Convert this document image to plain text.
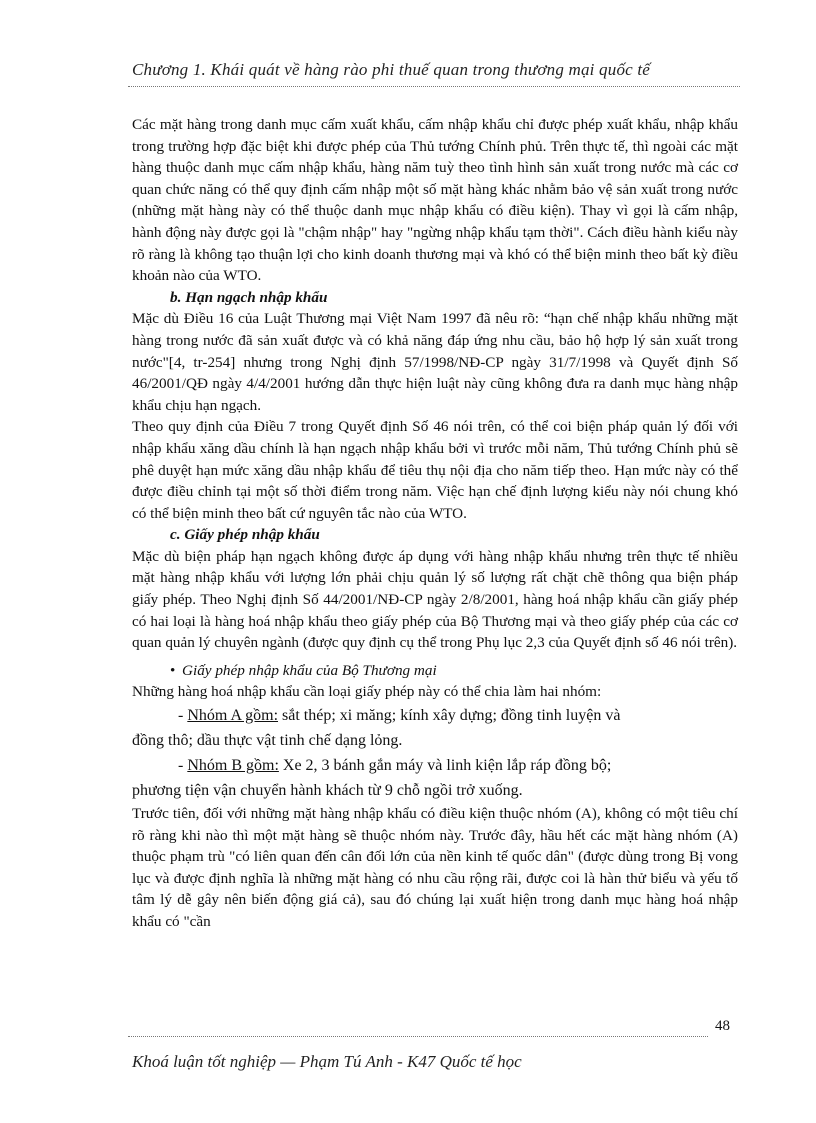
Chương 1. Khái quát về hàng rào phi thuế quan trong thương mại quốc tế

Các mặt hàng trong danh mục cấm xuất khẩu, cấm nhập khẩu chỉ được phép xuất khẩu, nhập khẩu trong trường hợp đặc biệt khi được phép của Thủ tướng Chính phủ. Trên thực tế, thì ngoài các mặt hàng thuộc danh mục cấm nhập khẩu, hàng năm tuỳ theo tình hình sản xuất trong nước mà các cơ quan chức năng có thể quy định cấm nhập một số mặt hàng khác nhằm bảo vệ sản xuất trong nước (những mặt hàng này có thể thuộc danh mục nhập khẩu có điều kiện). Thay vì gọi là cấm nhập, hành động này được gọi là "chậm nhập" hay "ngừng nhập khẩu tạm thời". Cách điều hành kiểu này rõ ràng là không tạo thuận lợi cho kinh doanh thương mại và khó có thể biện minh theo bất kỳ điều khoản nào của WTO.

b. Hạn ngạch nhập khẩu

Mặc dù Điều 16 của Luật Thương mại Việt Nam 1997 đã nêu rõ: “hạn chế nhập khẩu những mặt hàng trong nước đã sản xuất được và có khả năng đáp ứng nhu cầu, bảo hộ hợp lý sản xuất trong nước"[4, tr-254] nhưng trong Nghị định 57/1998/NĐ-CP ngày 31/7/1998 và Quyết định Số 46/2001/QĐ ngày 4/4/2001 hướng dẫn thực hiện luật này cũng không đưa ra danh mục hàng nhập khẩu chịu hạn ngạch.

Theo quy định của Điều 7 trong Quyết định Số 46 nói trên, có thể coi biện pháp quản lý đối với nhập khẩu xăng dầu chính là hạn ngạch nhập khẩu bởi vì trước mỗi năm, Thủ tướng Chính phủ sẽ phê duyệt hạn mức xăng dầu nhập khẩu để tiêu thụ nội địa cho năm tiếp theo. Hạn mức này có thể được điều chỉnh tại một số thời điểm trong năm. Việc hạn chế định lượng kiểu này nói chung khó có thể biện minh theo bất cứ nguyên tắc nào của WTO.

c. Giấy phép nhập khẩu

Mặc dù biện pháp hạn ngạch không được áp dụng với hàng nhập khẩu nhưng trên thực tế nhiều mặt hàng nhập khẩu với lượng lớn phải chịu quản lý số lượng rất chặt chẽ thông qua biện pháp giấy phép. Theo Nghị định Số 44/2001/NĐ-CP ngày 2/8/2001, hàng hoá nhập khẩu cần giấy phép có hai loại là hàng hoá nhập khẩu theo giấy phép của Bộ Thương mại và theo giấy phép của các cơ quan quản lý chuyên ngành (được quy định cụ thể trong Phụ lục 2,3 của Quyết định số 46 nói trên).

• Giấy phép nhập khẩu của Bộ Thương mại

Những hàng hoá nhập khẩu cần loại giấy phép này có thể chia làm hai nhóm:

- Nhóm A gồm: sắt thép; xi măng; kính xây dựng; đồng tinh luyện và

đồng thô; dầu thực vật tinh chế dạng lỏng.

- Nhóm B gồm: Xe 2, 3 bánh gắn máy và linh kiện lắp ráp đồng bộ;

phương tiện vận chuyển hành khách từ 9 chỗ ngồi trở xuống.

Trước tiên, đối với những mặt hàng nhập khẩu có điều kiện thuộc nhóm (A), không có một tiêu chí rõ ràng khi nào thì một mặt hàng sẽ thuộc nhóm này. Trước đây, hầu hết các mặt hàng nhóm (A) thuộc phạm trù "có liên quan đến cân đối lớn của nền kinh tế quốc dân" (được dùng trong Bị vong lục và được định nghĩa là những mặt hàng có nhu cầu rộng rãi, được coi là hàn thử biểu và yếu tố tâm lý dễ gây nên biến động giá cả), sau đó chúng lại xuất hiện trong danh mục hàng hoá nhập khẩu có "cần

48
Khoá luận tốt nghiệp — Phạm Tú Anh - K47 Quốc tế học
